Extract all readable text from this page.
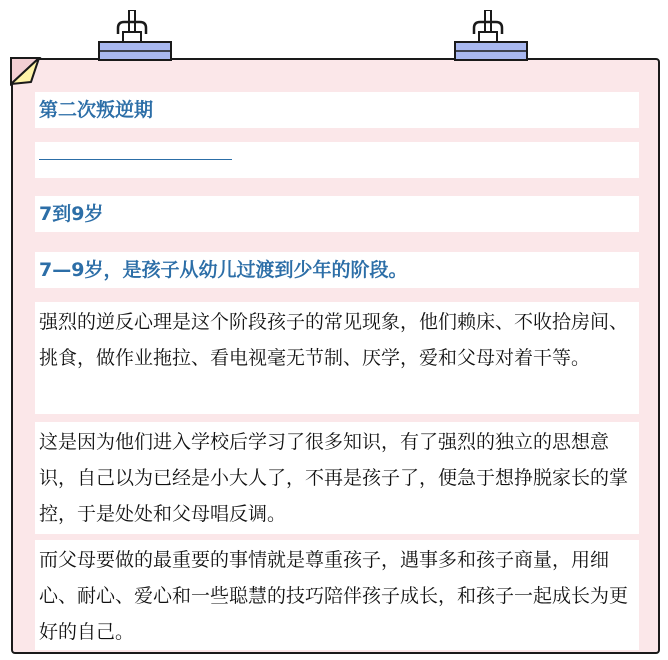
第二次叛逆期
7到9岁
7—9岁，是孩子从幼儿过渡到少年的阶段。
强烈的逆反心理是这个阶段孩子的常见现象，他们赖床、不收拾房间、挑食，做作业拖拉、看电视毫无节制、厌学，爱和父母对着干等。
这是因为他们进入学校后学习了很多知识，有了强烈的独立的思想意识，自己以为已经是小大人了，不再是孩子了，便急于想挣脱家长的掌控，于是处处和父母唱反调。
而父母要做的最重要的事情就是尊重孩子，遇事多和孩子商量，用细心、耐心、爱心和一些聪慧的技巧陪伴孩子成长，和孩子一起成长为更好的自己。
